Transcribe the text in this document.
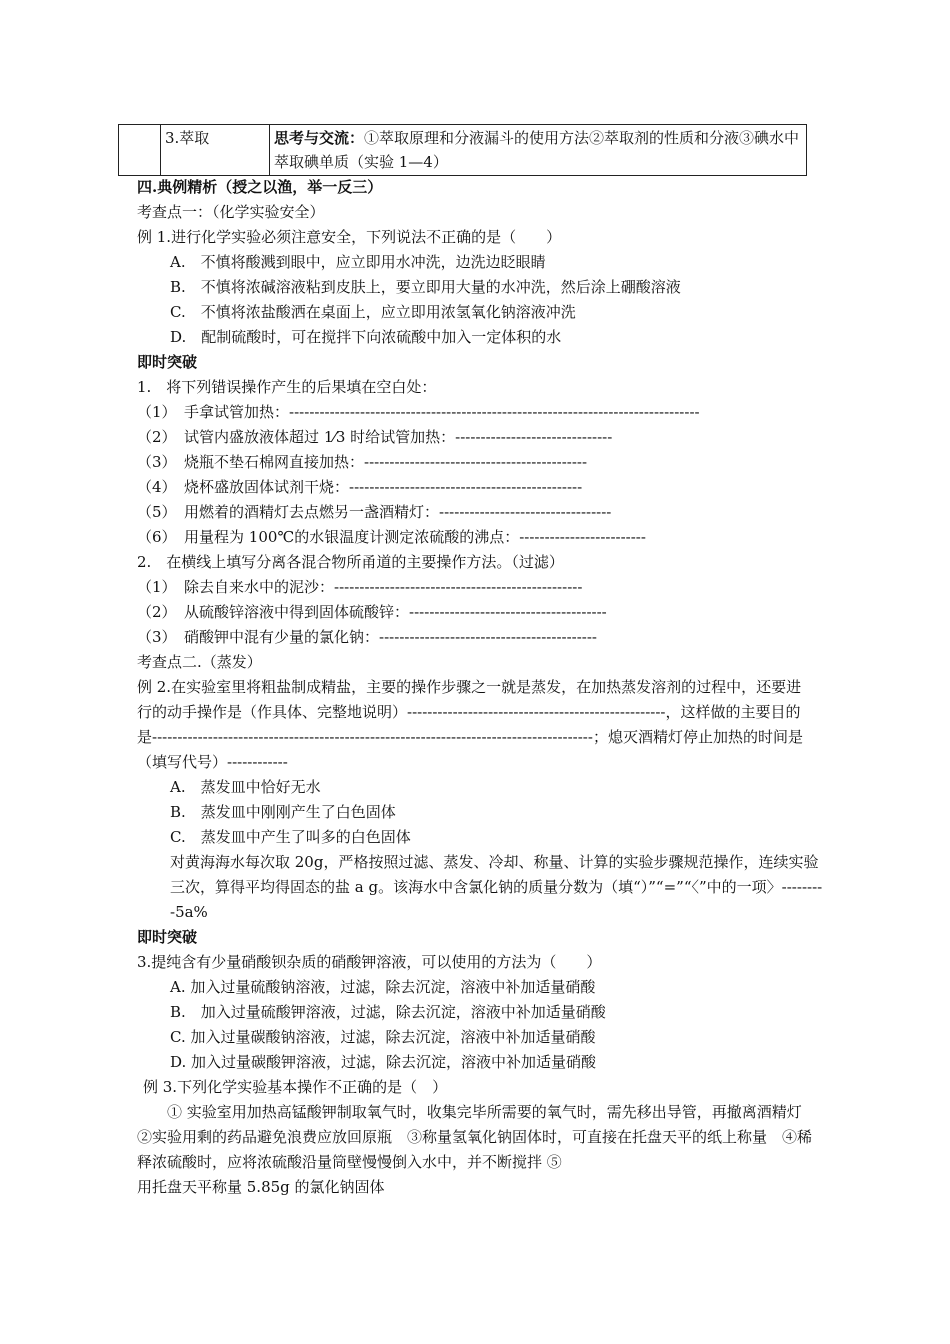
	3.萃取	思考与交流：①萃取原理和分液漏斗的使用方法②萃取剂的性质和分液③碘水中萃取碘单质（实验 1—4）
四.典例精析（授之以渔，举一反三）
考查点一：（化学实验安全）
例 1.进行化学实验必须注意安全，下列说法不正确的是（　　）
A.　不慎将酸溅到眼中，应立即用水冲洗，边洗边眨眼睛
B.　不慎将浓碱溶液粘到皮肤上，要立即用大量的水冲洗，然后涂上硼酸溶液
C.　不慎将浓盐酸洒在桌面上，应立即用浓氢氧化钠溶液冲洗
D.　配制硫酸时，可在搅拌下向浓硫酸中加入一定体积的水
即时突破
1.　将下列错误操作产生的后果填在空白处：
（1）　手拿试管加热：---------------------------------------------------------------------------------
（2）　试管内盛放液体超过 1⁄3 时给试管加热：-------------------------------
（3）　烧瓶不垫石棉网直接加热：--------------------------------------------
（4）　烧杯盛放固体试剂干烧：----------------------------------------------
（5）　用燃着的酒精灯去点燃另一盏酒精灯：----------------------------------
（6）　用量程为 100℃的水银温度计测定浓硫酸的沸点：-------------------------
2.　在横线上填写分离各混合物所甬道的主要操作方法。（过滤）
（1）　除去自来水中的泥沙：-------------------------------------------------
（2）　从硫酸锌溶液中得到固体硫酸锌：---------------------------------------
（3）　硝酸钾中混有少量的氯化钠：-------------------------------------------
考查点二.（蒸发）
例 2.在实验室里将粗盐制成精盐，主要的操作步骤之一就是蒸发，在加热蒸发溶剂的过程中，还要进行的动手操作是（作具体、完整地说明）---------------------------------------------------，这样做的主要目的是---------------------------------------------------------------------------------------；熄灭酒精灯停止加热的时间是（填写代号）------------
A.　蒸发皿中恰好无水
B.　蒸发皿中刚刚产生了白色固体
C.　蒸发皿中产生了叫多的白色固体
对黄海海水每次取 20g，严格按照过滤、蒸发、冷却、称量、计算的实验步骤规范操作，连续实验三次，算得平均得固态的盐 a g。该海水中含氯化钠的质量分数为（填“）”“=”“〈”中的一项〉---------5a%
即时突破
3.提纯含有少量硝酸钡杂质的硝酸钾溶液，可以使用的方法为（　　）
A. 加入过量硫酸钠溶液，过滤，除去沉淀，溶液中补加适量硝酸
B.　加入过量硫酸钾溶液，过滤，除去沉淀，溶液中补加适量硝酸
C. 加入过量碳酸钠溶液，过滤，除去沉淀，溶液中补加适量硝酸
D. 加入过量碳酸钾溶液，过滤，除去沉淀，溶液中补加适量硝酸
例 3.下列化学实验基本操作不正确的是（　）
　　① 实验室用加热高锰酸钾制取氧气时，收集完毕所需要的氧气时，需先移出导管，再撤离酒精灯 ②实验用剩的药品避免浪费应放回原瓶　③称量氢氧化钠固体时，可直接在托盘天平的纸上称量　④稀释浓硫酸时，应将浓硫酸沿量筒壁慢慢倒入水中，并不断搅拌 ⑤
用托盘天平称量 5.85g 的氯化钠固体
